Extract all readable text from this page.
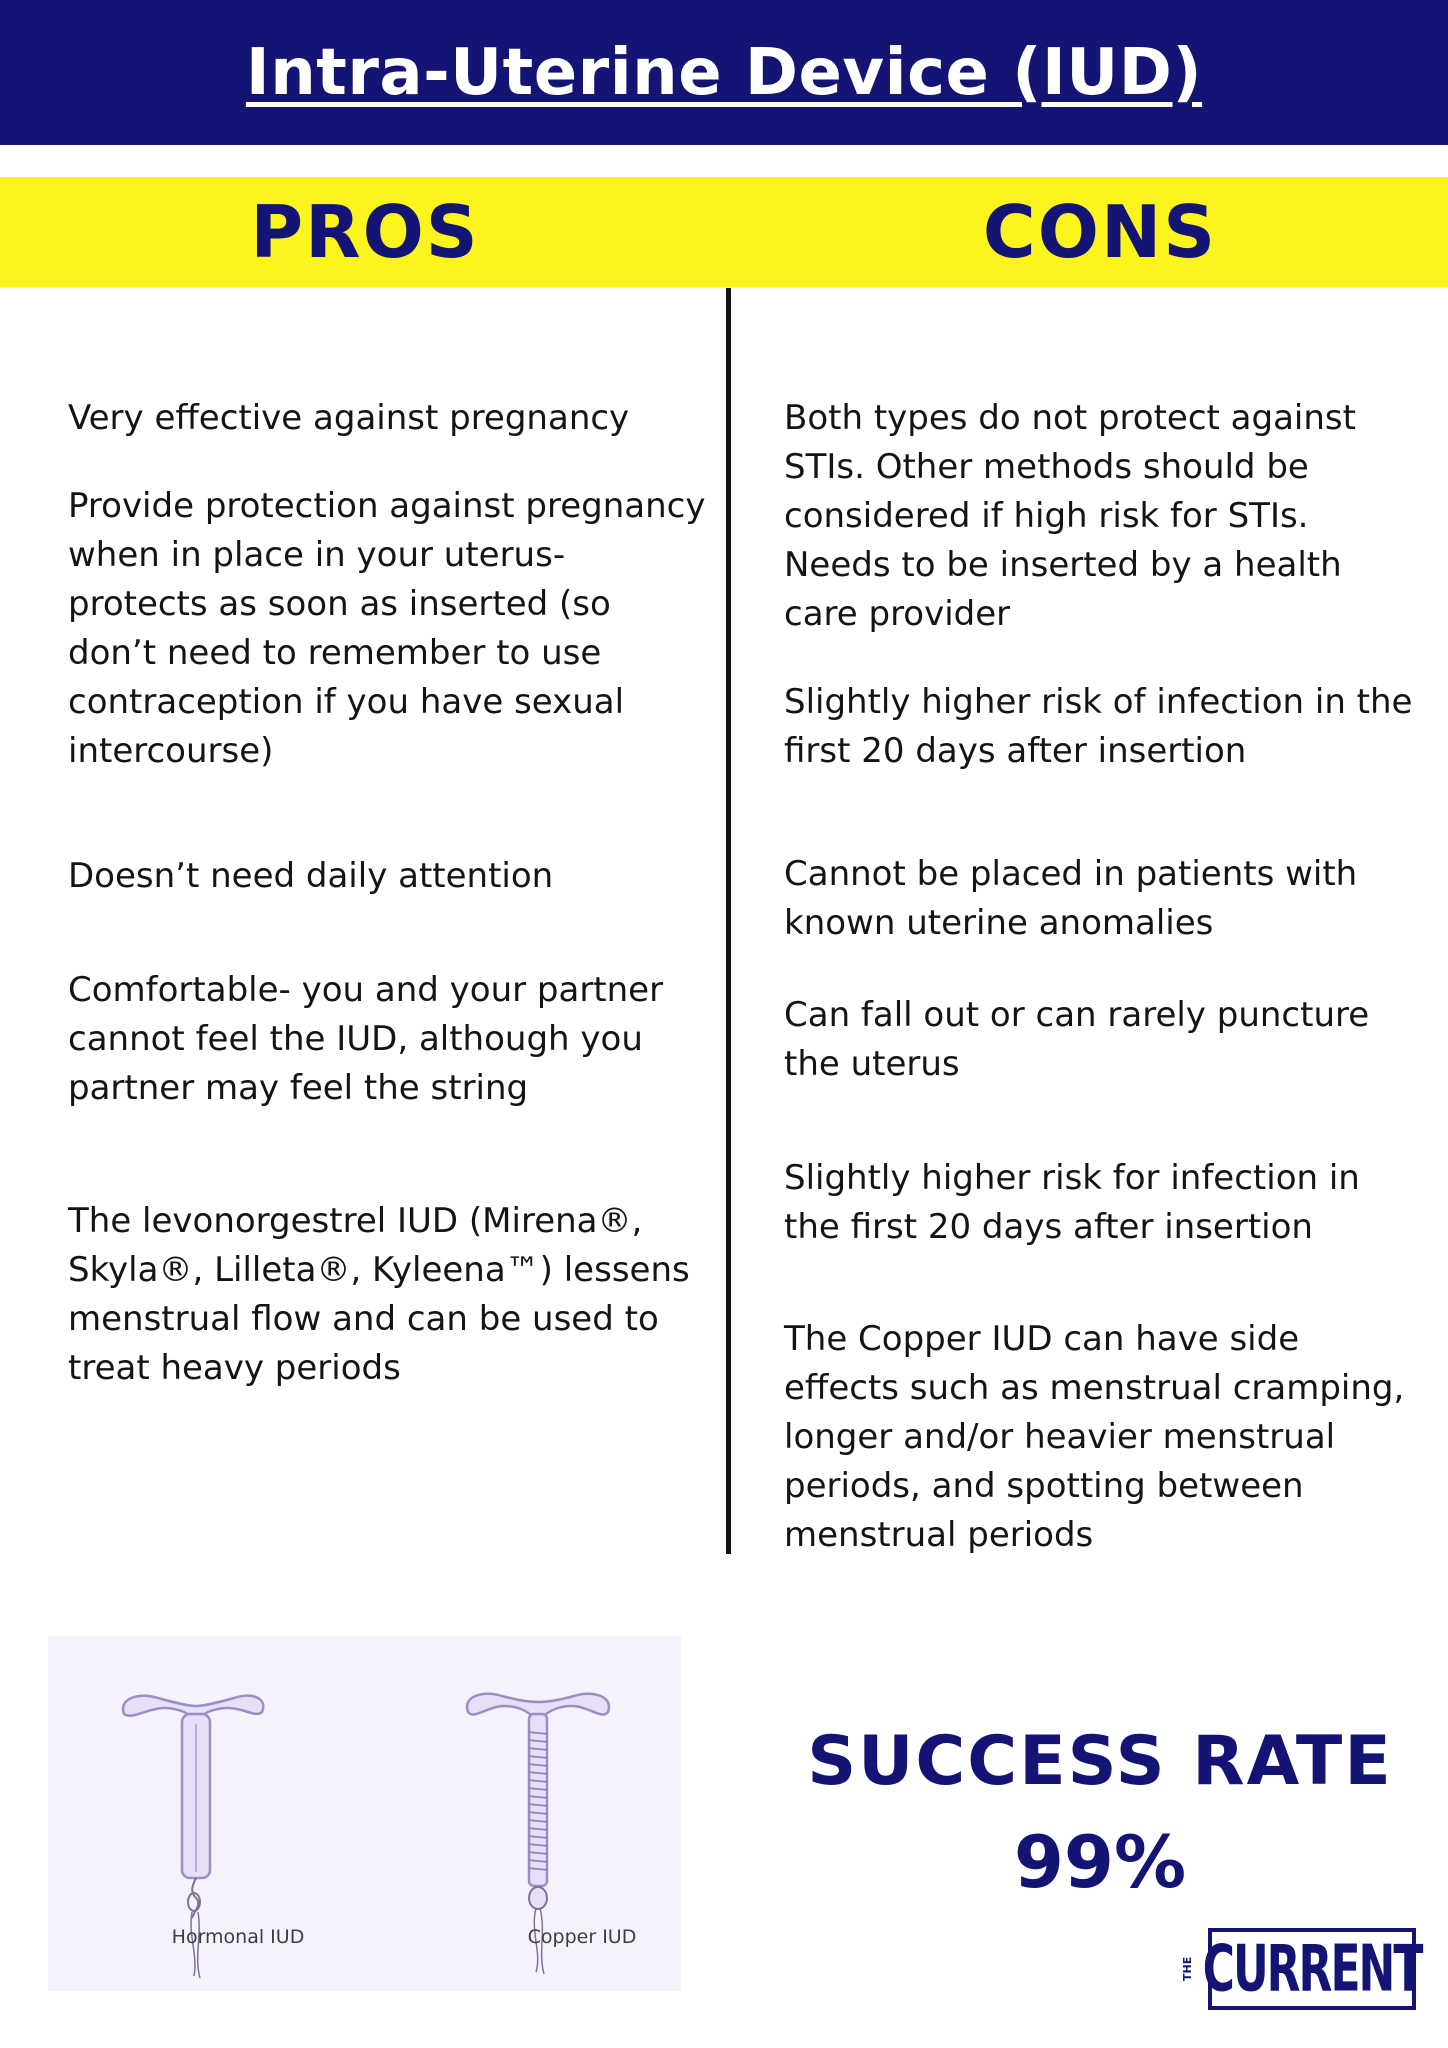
Intra-Uterine Device (IUD)
PROS	CONS

Very effective against pregnancy

Provide protection against pregnancy when in place in your uterus- protects as soon as inserted (so don’t need to remember to use contraception if you have sexual intercourse)

Doesn’t need daily attention

Comfortable- you and your partner cannot feel the IUD, although you partner may feel the string

The levonorgestrel IUD (Mirena®, Skyla®, Lilleta®, Kyleena™) lessens menstrual flow and can be used to treat heavy periods

Both types do not protect against STIs. Other methods should be considered if high risk for STIs. Needs to be inserted by a health care provider

Slightly higher risk of infection in the first 20 days after insertion

Cannot be placed in patients with known uterine anomalies

Can fall out or can rarely puncture the uterus

Slightly higher risk for infection in the first 20 days after insertion

The Copper IUD can have side effects such as menstrual cramping, longer and/or heavier menstrual periods, and spotting between menstrual periods

Hormonal IUD	Copper IUD
SUCCESS RATE
99%
THE CURRENT
